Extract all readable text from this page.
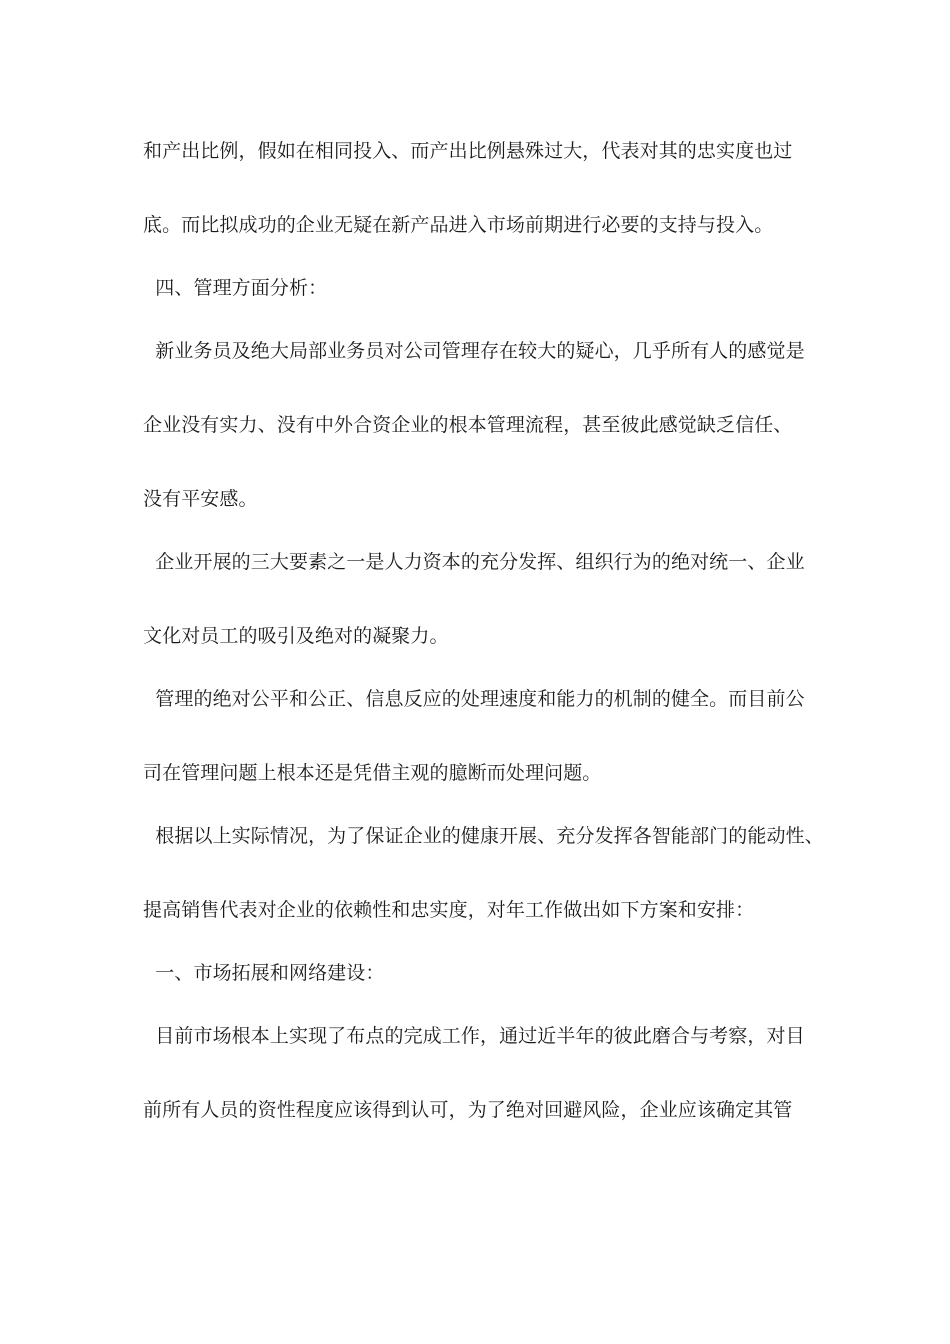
和产出比例，假如在相同投入、而产出比例悬殊过大，代表对其的忠实度也过

底。而比拟成功的企业无疑在新产品进入市场前期进行必要的支持与投入。

四、管理方面分析：

新业务员及绝大局部业务员对公司管理存在较大的疑心，几乎所有人的感觉是

企业没有实力、没有中外合资企业的根本管理流程，甚至彼此感觉缺乏信任、

没有平安感。

企业开展的三大要素之一是人力资本的充分发挥、组织行为的绝对统一、企业

文化对员工的吸引及绝对的凝聚力。

管理的绝对公平和公正、信息反应的处理速度和能力的机制的健全。而目前公

司在管理问题上根本还是凭借主观的臆断而处理问题。

根据以上实际情况，为了保证企业的健康开展、充分发挥各智能部门的能动性、

提高销售代表对企业的依赖性和忠实度，对年工作做出如下方案和安排：

一、市场拓展和网络建设：

目前市场根本上实现了布点的完成工作，通过近半年的彼此磨合与考察，对目

前所有人员的资性程度应该得到认可，为了绝对回避风险，企业应该确定其管
